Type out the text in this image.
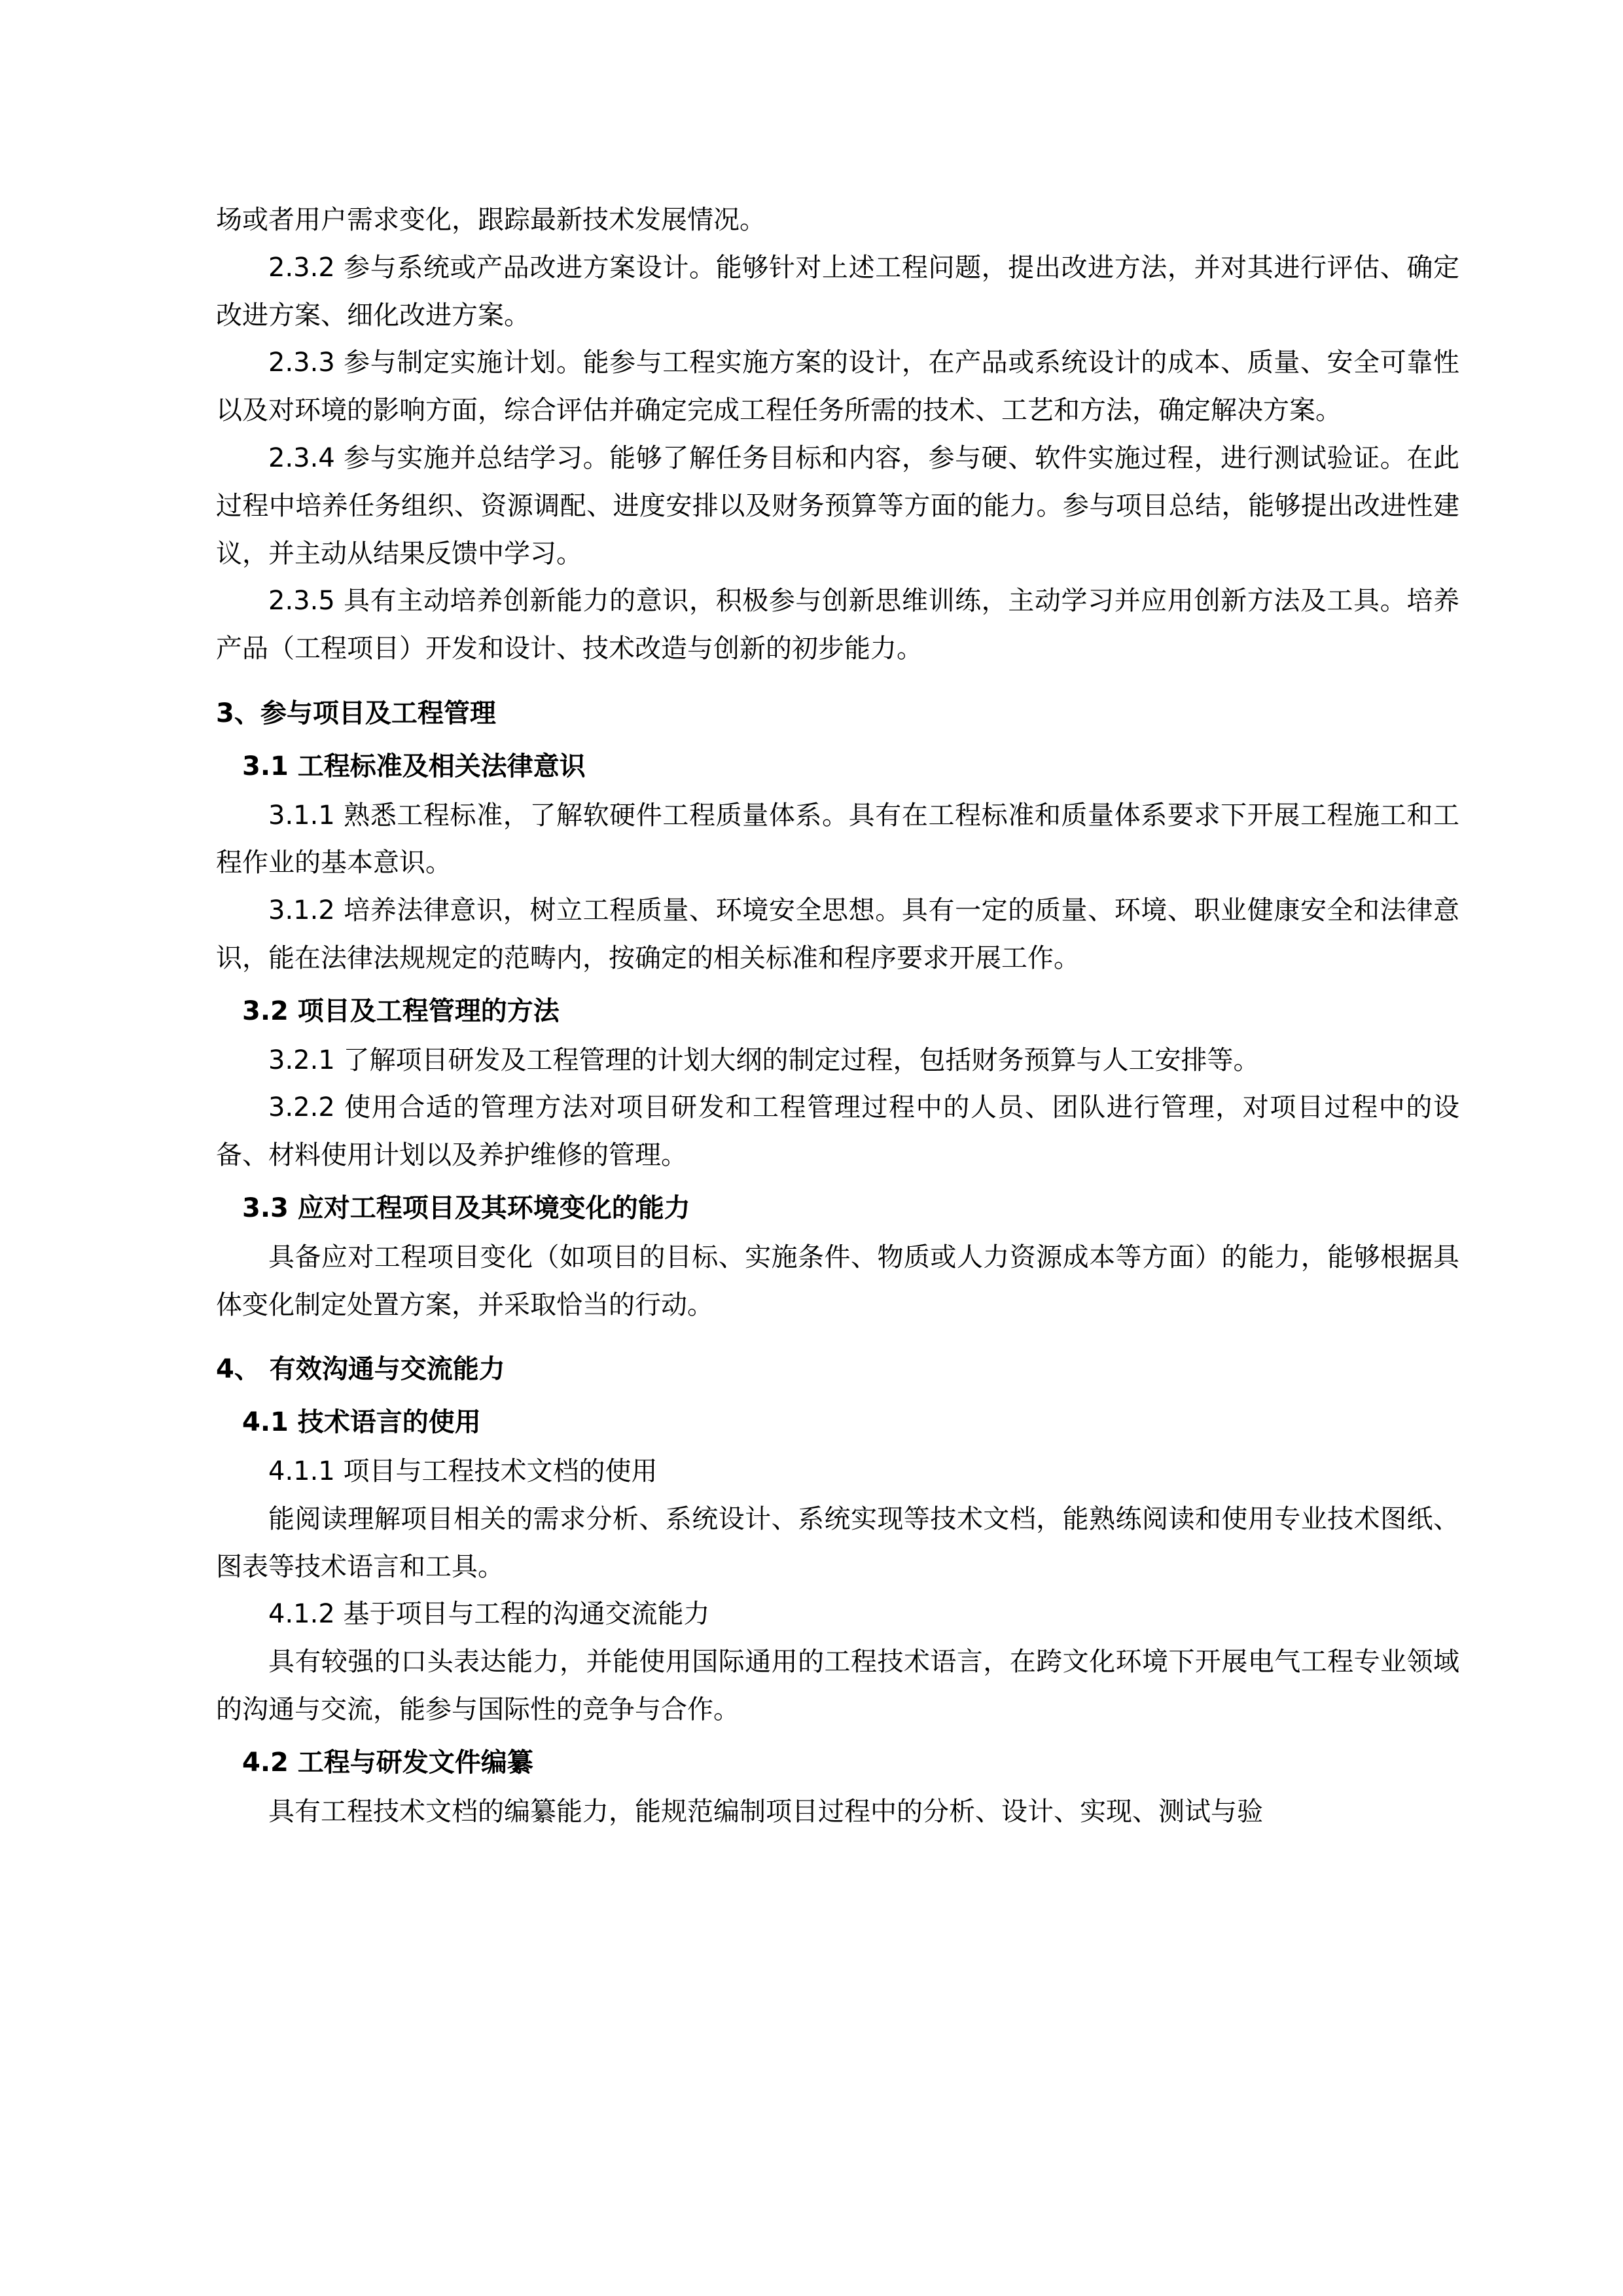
场或者用户需求变化，跟踪最新技术发展情况。

2.3.2 参与系统或产品改进方案设计。能够针对上述工程问题，提出改进方法，并对其进行评估、确定改进方案、细化改进方案。

2.3.3 参与制定实施计划。能参与工程实施方案的设计，在产品或系统设计的成本、质量、安全可靠性以及对环境的影响方面，综合评估并确定完成工程任务所需的技术、工艺和方法，确定解决方案。

2.3.4 参与实施并总结学习。能够了解任务目标和内容，参与硬、软件实施过程，进行测试验证。在此过程中培养任务组织、资源调配、进度安排以及财务预算等方面的能力。参与项目总结，能够提出改进性建议，并主动从结果反馈中学习。

2.3.5 具有主动培养创新能力的意识，积极参与创新思维训练，主动学习并应用创新方法及工具。培养产品（工程项目）开发和设计、技术改造与创新的初步能力。

3、参与项目及工程管理

3.1 工程标准及相关法律意识

3.1.1 熟悉工程标准，了解软硬件工程质量体系。具有在工程标准和质量体系要求下开展工程施工和工程作业的基本意识。

3.1.2 培养法律意识，树立工程质量、环境安全思想。具有一定的质量、环境、职业健康安全和法律意识，能在法律法规规定的范畴内，按确定的相关标准和程序要求开展工作。

3.2 项目及工程管理的方法

3.2.1 了解项目研发及工程管理的计划大纲的制定过程，包括财务预算与人工安排等。

3.2.2 使用合适的管理方法对项目研发和工程管理过程中的人员、团队进行管理，对项目过程中的设备、材料使用计划以及养护维修的管理。

3.3 应对工程项目及其环境变化的能力

具备应对工程项目变化（如项目的目标、实施条件、物质或人力资源成本等方面）的能力，能够根据具体变化制定处置方案，并采取恰当的行动。

4、 有效沟通与交流能力

4.1 技术语言的使用

4.1.1 项目与工程技术文档的使用

能阅读理解项目相关的需求分析、系统设计、系统实现等技术文档，能熟练阅读和使用专业技术图纸、图表等技术语言和工具。

4.1.2 基于项目与工程的沟通交流能力

具有较强的口头表达能力，并能使用国际通用的工程技术语言，在跨文化环境下开展电气工程专业领域的沟通与交流，能参与国际性的竞争与合作。

4.2 工程与研发文件编纂

具有工程技术文档的编纂能力，能规范编制项目过程中的分析、设计、实现、测试与验
